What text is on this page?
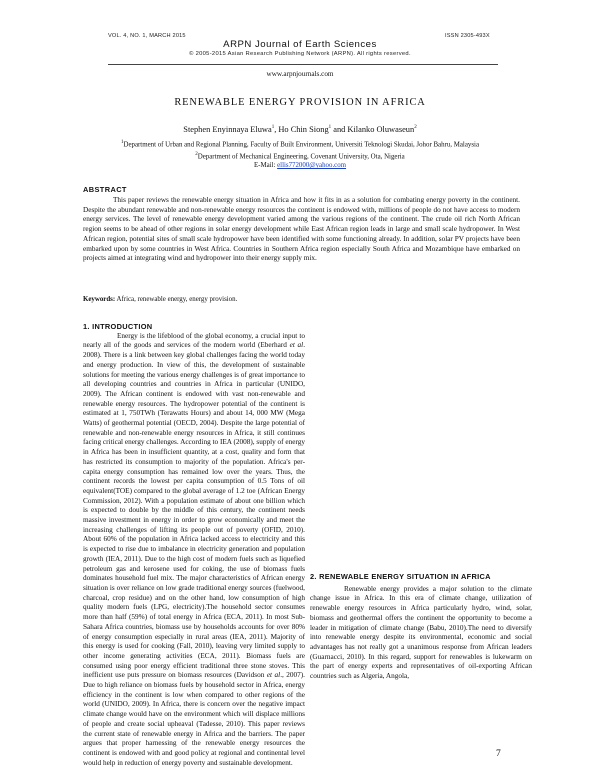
VOL. 4, NO. 1, MARCH 2015	ISSN 2305-493X
ARPN Journal of Earth Sciences
© 2005-2015 Asian Research Publishing Network (ARPN). All rights reserved.
www.arpnjournals.com
RENEWABLE ENERGY PROVISION IN AFRICA
Stephen Enyinnaya Eluwa$^1$, Ho Chin Siong$^1$ and Kilanko Oluwaseun$^2$
$^1$Department of Urban and Regional Planning, Faculty of Built Environment, Universiti Teknologi Skudai, Johor Bahru, Malaysia
$^2$Department of Mechanical Engineering, Covenant University, Ota, Nigeria
E-Mail: ellis772000@yahoo.com
ABSTRACT

This paper reviews the renewable energy situation in Africa and how it fits in as a solution for combating energy poverty in the continent. Despite the abundant renewable and non-renewable energy resources the continent is endowed with, millions of people do not have access to modern energy services. The level of renewable energy development varied among the various regions of the continent. The crude oil rich North African region seems to be ahead of other regions in solar energy development while East African region leads in large and small scale hydropower. In West African region, potential sites of small scale hydropower have been identified with some functioning already. In addition, solar PV projects have been embarked upon by some countries in West Africa. Countries in Southern Africa region especially South Africa and Mozambique have embarked on projects aimed at integrating wind and hydropower into their energy supply mix.

Keywords: Africa, renewable energy, energy provision.
1. INTRODUCTION

Energy is the lifeblood of the global economy, a crucial input to nearly all of the goods and services of the modern world (Eberhard et al. 2008). There is a link between key global challenges facing the world today and energy production. In view of this, the development of sustainable solutions for meeting the various energy challenges is of great importance to all developing countries and countries in Africa in particular (UNIDO, 2009). The African continent is endowed with vast non-renewable and renewable energy resources. The hydropower potential of the continent is estimated at 1, 750TWh (Terawatts Hours) and about 14, 000 MW (Mega Watts) of geothermal potential (OECD, 2004). Despite the large potential of renewable and non-renewable energy resources in Africa, it still continues facing critical energy challenges. According to IEA (2008), supply of energy in Africa has been in insufficient quantity, at a cost, quality and form that has restricted its consumption to majority of the population. Africa's per-capita energy consumption has remained low over the years. Thus, the continent records the lowest per capita consumption of 0.5 Tons of oil equivalent(TOE) compared to the global average of 1.2 toe (African Energy Commission, 2012). With a population estimate of about one billion which is expected to double by the middle of this century, the continent needs massive investment in energy in order to grow economically and meet the increasing challenges of lifting its people out of poverty (OFID, 2010). About 60% of the population in Africa lacked access to electricity and this is expected to rise due to imbalance in electricity generation and population growth (IEA, 2011). Due to the high cost of modern fuels such as liquefied petroleum gas and kerosene used for coking, the use of biomass fuels dominates household fuel mix. The major characteristics of African energy situation is over reliance on low grade traditional energy sources (fuelwood, charcoal, crop residue) and on the other hand, low consumption of high quality modern fuels (LPG, electricity).The household sector consumes more than half (59%) of total energy in Africa (ECA, 2011). In most Sub-Sahara Africa countries, biomass use by households accounts for over 80% of energy consumption especially in rural areas (IEA, 2011). Majority of this energy is used for cooking (Fall, 2010), leaving very limited supply to other income generating activities (ECA, 2011). Biomass fuels are consumed using poor energy efficient traditional three stone stoves. This inefficient use puts pressure on biomass resources (Davidson et al., 2007). Due to high reliance on biomass fuels by household sector in Africa, energy efficiency in the continent is low when compared to other regions of the world (UNIDO, 2009). In Africa, there is concern over the negative impact climate change would have on the environment which will displace millions of people and create social upheaval (Tadesse, 2010). This paper reviews the current state of renewable energy in Africa and the barriers. The paper argues that proper harnessing of the renewable energy resources the continent is endowed with and good policy at regional and continental level would help in reduction of energy poverty and sustainable development.

2. RENEWABLE ENERGY SITUATION IN AFRICA

Renewable energy provides a major solution to the climate change issue in Africa. In this era of climate change, utilization of renewable energy resources in Africa particularly hydro, wind, solar, biomass and geothermal offers the continent the opportunity to become a leader in mitigation of climate change (Babu, 2010).The need to diversify into renewable energy despite its environmental, economic and social advantages has not really got a unanimous response from African leaders (Guarnacci, 2010). In this regard, support for renewables is lukewarm on the part of energy experts and representatives of oil-exporting African countries such as Algeria, Angola,

7
